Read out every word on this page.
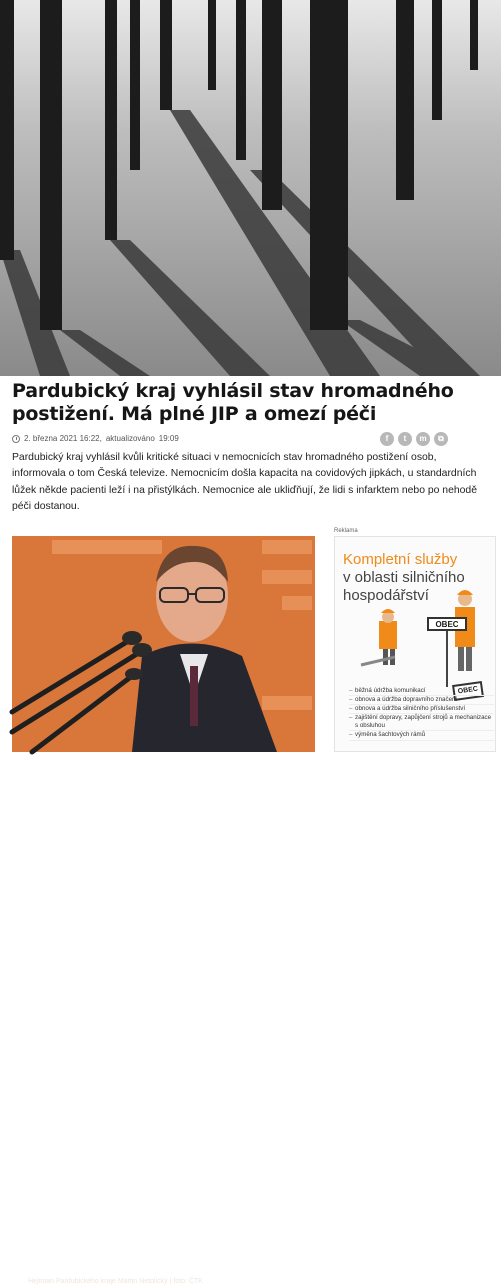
Pardubický kraj vyhlásil stav hromadného postižení. Má plné JIP a omezí péči
2. března 2021 16:22, aktualizováno 19:09	f	t	m	⧉

Pardubický kraj vyhlásil kvůli kritické situaci v nemocnicích stav hromadného postižení osob, informovala o tom Česká televize. Nemocnicím došla kapacita na covidových jipkách, u standardních lůžek někde pacienti leží i na přistýlkách. Nemocnice ale ukliďňují, že lidi s infarktem nebo po nehodě péči dostanou.

Hejtman Pardubického kraje Martin Netolický | foto: ČTK
Reklama
Kompletní služby
v oblasti silničního hospodářství
OBEC
OBEC
– běžná údržba komunikací
– obnova a údržba dopravního značení
– obnova a údržba silničního příslušenství
– zajištění dopravy, zapůjčení strojů a mechanizace s obsluhou
– výměna šachtových rámů
